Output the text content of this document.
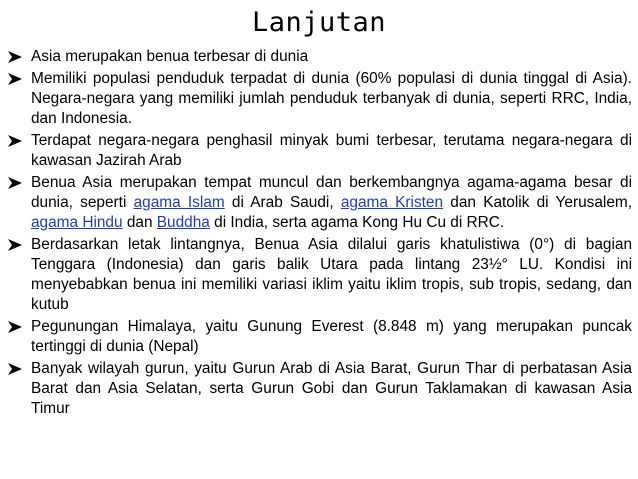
Lanjutan
Asia merupakan benua terbesar di dunia
Memiliki populasi penduduk terpadat di dunia (60% populasi di dunia tinggal di Asia). Negara-negara yang memiliki jumlah penduduk terbanyak di dunia, seperti RRC, India, dan Indonesia.
Terdapat negara-negara penghasil minyak bumi terbesar, terutama negara-negara di kawasan Jazirah Arab
Benua Asia merupakan tempat muncul dan berkembangnya agama-agama besar di dunia, seperti agama Islam di Arab Saudi, agama Kristen dan Katolik di Yerusalem, agama Hindu dan Buddha di India, serta agama Kong Hu Cu di RRC.
Berdasarkan letak lintangnya, Benua Asia dilalui garis khatulistiwa (0°) di bagian Tenggara (Indonesia) dan garis balik Utara pada lintang 23½° LU. Kondisi ini menyebabkan benua ini memiliki variasi iklim yaitu iklim tropis, sub tropis, sedang, dan kutub
Pegunungan Himalaya, yaitu Gunung Everest (8.848 m) yang merupakan puncak tertinggi di dunia (Nepal)
Banyak wilayah gurun, yaitu Gurun Arab di Asia Barat, Gurun Thar di perbatasan Asia Barat dan Asia Selatan, serta Gurun Gobi dan Gurun Taklamakan di kawasan Asia Timur
